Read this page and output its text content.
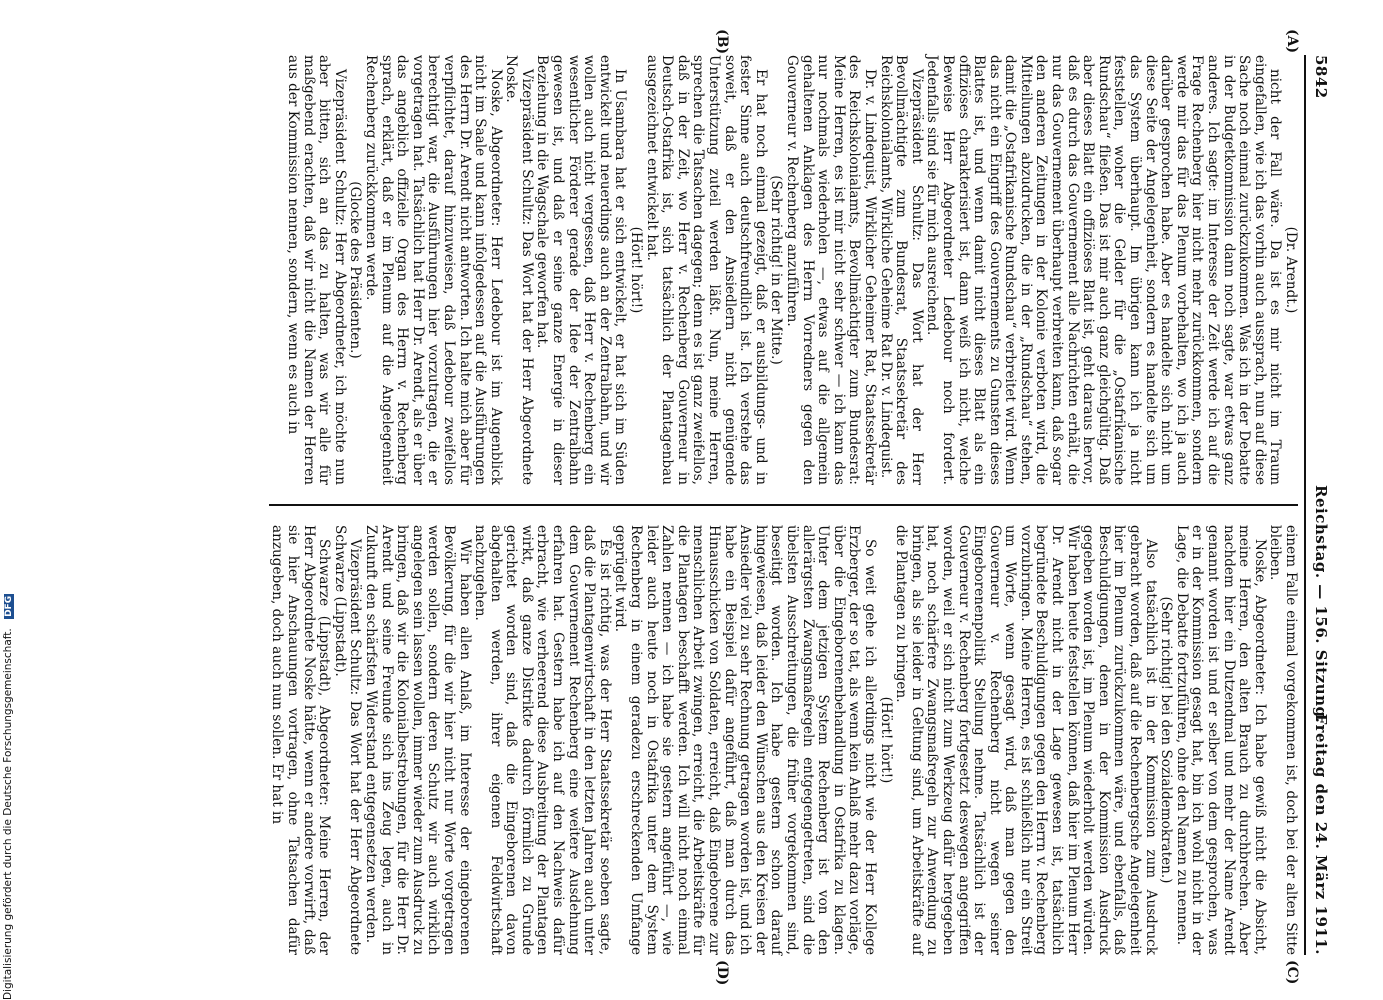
5842
Reichstag. — 156. Sitzung.
Freitag den 24. März 1911.
(A)
(B)
(C)
(D)

(Dr. Arendt.)

nicht der Fall wäre. Da ist es mir nicht im Traum eingefallen, wie ich das vorhin auch aussprach, nun auf diese Sache noch einmal zurückzukommen. Was ich in der Debatte in der Budgetkommission dann noch sagte, war etwas ganz anderes. Ich sagte: im Interesse der Zeit werde ich auf die Frage Rechenberg hier nicht mehr zurückkommen, sondern werde mir das für das Plenum vorbehalten, wo ich ja auch darüber gesprochen habe. Aber es handelte sich nicht um diese Seite der Angelegenheit, sondern es handelte sich um das System überhaupt. Im übrigen kann ich ja nicht feststellen, woher die Gelder für die „Ostafrikanische Rundschau“ fließen. Das ist mir auch ganz gleichgültig. Daß aber dieses Blatt ein offiziöses Blatt ist, geht daraus hervor, daß es durch das Gouvernement alle Nachrichten erhält, die nur das Gouvernement überhaupt verbreiten kann, daß sogar den anderen Zeitungen in der Kolonie verboten wird, die Mitteilungen abzudrucken, die in der „Rundschau“ stehen, damit die „Ostafrikanische Rundschau“ verbreitet wird. Wenn das nicht ein Eingriff des Gouvernements zu Gunsten dieses Blattes ist, und wenn damit nicht dieses Blatt als ein offiziöses charakterisiert ist, dann weiß ich nicht, welche Beweise Herr Abgeordneter Ledebour noch fordert. Jedenfalls sind sie für mich ausreichend.

Vizepräsident Schultz: Das Wort hat der Herr Bevollmächtigte zum Bundesrat, Staatssekretär des Reichskolonialamts, Wirkliche Geheime Rat Dr. v. Lindequist.

Dr. v. Lindequist, Wirklicher Geheimer Rat, Staatssekretär des Reichskolonialamts, Bevollmächtigter zum Bundesrat: Meine Herren, es ist mir nicht sehr schwer — ich kann das nur nochmals wiederholen —, etwas auf die allgemein gehaltenen Anklagen des Herrn Vorredners gegen den Gouverneur v. Rechenberg anzuführen.

(Sehr richtig! in der Mitte.)

Er hat noch einmal gezeigt, daß er ausbildungs- und in fester Sinne auch deutschfreundlich ist. Ich verstehe das soweit, daß er den Ansiedlern nicht genügende Unterstützung zuteil werden läßt. Nun, meine Herren, sprechen die Tatsachen dagegen; denn es ist ganz zweifellos, daß in der Zeit, wo Herr v. Rechenberg Gouverneur in Deutsch-Ostafrika ist, sich tatsächlich der Plantagenbau ausgezeichnet entwickelt hat.

(Hört! hört!)

In Usambara hat er sich entwickelt, er hat sich im Süden entwickelt und neuerdings auch an der Zentralbahn, und wir wollen auch nicht vergessen, daß Herr v. Rechenberg ein wesentlicher Förderer gerade der Idee der Zentralbahn gewesen ist, und daß er seine ganze Energie in dieser Beziehung in die Wagschale geworfen hat.

Vizepräsident Schultz: Das Wort hat der Herr Abgeordnete Noske.

Noske, Abgeordneter: Herr Ledebour ist im Augenblick nicht im Saale und kann infolgedessen auf die Ausführungen des Herrn Dr. Arendt nicht antworten. Ich halte mich aber für verpflichtet, darauf hinzuweisen, daß Ledebour zweifellos berechtigt war, die Ausführungen hier vorzutragen, die er vorgetragen hat. Tatsächlich hat Herr Dr. Arendt, als er über das angeblich offizielle Organ des Herrn v. Rechenberg sprach, erklärt, daß er im Plenum auf die Angelegenheit Rechenberg zurückkommen werde.

(Glocke des Präsidenten.)

Vizepräsident Schultz: Herr Abgeordneter, ich möchte nun aber bitten, sich an das zu halten, was wir alle für maßgebend erachten, daß wir nicht die Namen der Herren aus der Kommission nennen, sondern, wenn es auch in

einem Falle einmal vorgekommen ist, doch bei der alten Sitte bleiben.

Noske, Abgeordneter: Ich habe gewiß nicht die Absicht, meine Herren, den alten Brauch zu durchbrechen. Aber nachdem hier ein Dutzendmal und mehr der Name Arendt genannt worden ist und er selber von dem gesprochen, was er in der Kommission gesagt hat, bin ich wohl nicht in der Lage, die Debatte fortzuführen, ohne den Namen zu nennen.

(Sehr richtig! bei den Sozialdemokraten.)

Also tatsächlich ist in der Kommission zum Ausdruck gebracht worden, daß auf die Rechenbergsche Angelegenheit hier im Plenum zurückzukommen wäre, und ebenfalls, daß Beschuldigungen, denen in der Kommission Ausdruck gegeben worden ist, im Plenum wiederholt werden würden. Wir haben heute feststellen können, daß hier im Plenum Herr Dr. Arendt nicht in der Lage gewesen ist, tatsächlich begründete Beschuldigungen gegen den Herrn v. Rechenberg vorzubringen. Meine Herren, es ist schließlich nur ein Streit um Worte, wenn gesagt wird, daß man gegen den Gouverneur v. Rechenberg nicht wegen seiner Eingeborenenpolitik Stellung nehme. Tatsächlich ist der Gouverneur v. Rechenberg fortgesetzt deswegen angegriffen worden, weil er sich nicht zum Werkzeug dafür hergegeben hat, noch schärfere Zwangsmaßregeln zur Anwendung zu bringen, als sie leider in Geltung sind, um Arbeitskräfte auf die Plantagen zu bringen.

(Hört! hört!)

So weit gehe ich allerdings nicht wie der Herr Kollege Erzberger, der so tat, als wenn kein Anlaß mehr dazu vorläge, über die Eingeborenenbehandlung in Ostafrika zu klagen. Unter dem jetzigen System Rechenberg ist von den allerärgsten Zwangsmaßregeln entgegengetreten, sind die übelsten Ausschreitungen, die früher vorgekommen sind, beseitigt worden. Ich habe gestern schon darauf hingewiesen, daß leider den Wünschen aus den Kreisen der Ansiedler viel zu sehr Rechnung getragen worden ist, und ich habe ein Beispiel dafür angeführt, daß man durch das Hinausschicken von Soldaten, erreicht, daß Eingeborene zur menschlichen Arbeit zwingen, erreicht, die Arbeitskräfte für die Plantagen beschafft werden. Ich will nicht noch einmal Zahlen nennen — ich habe sie gestern angeführt —, wie leider auch heute noch in Ostafrika unter dem System Rechenberg in einem geradezu erschreckenden Umfange geprügelt wird.

Es ist richtig, was der Herr Staatssekretär soeben sagte, daß die Plantagenwirtschaft in den letzten Jahren auch unter dem Gouvernement Rechenberg eine weitere Ausdehnung erfahren hat. Gestern habe ich auf den Nachweis dafür erbracht, wie verheerend diese Ausbreitung der Plantagen wirkt, daß ganze Distrikte dadurch förmlich zu Grunde gerichtet worden sind, daß die Eingeborenen davon abgehalten werden, ihrer eigenen Feldwirtschaft nachzugehen.

Wir haben allen Anlaß, im Interesse der eingeborenen Bevölkerung, für die wir hier nicht nur Worte vorgetragen werden sollen, sondern deren Schutz wir auch wirklich angelegen sein lassen wollen, immer wieder zum Ausdruck zu bringen, daß wir die Kolonialbestrebungen, für die Herr Dr. Arendt und seine Freunde sich ins Zeug legen, auch in Zukunft den schärfsten Widerstand entgegensetzen werden.

Vizepräsident Schultz: Das Wort hat der Herr Abgeordnete Schwarze (Lippstadt).

Schwarze (Lippstadt), Abgeordneter: Meine Herren, der Herr Abgeordnete Noske hätte, wenn er andere vorwirft, daß sie hier Anschauungen vortragen, ohne Tatsachen dafür anzugeben, doch auch nun sollen. Er hat in

Digitalisierung gefördert durch die Deutsche Forschungsgemeinschaft. DFG
